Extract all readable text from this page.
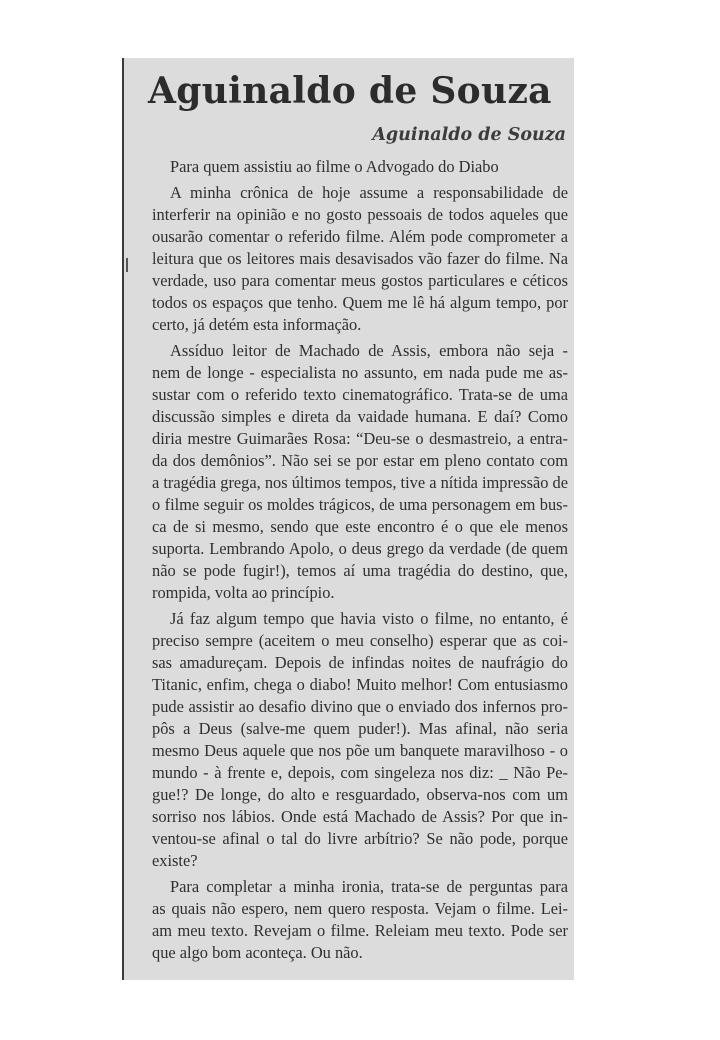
Aguinaldo de Souza
Aguinaldo de Souza
Para quem assistiu ao filme o Advogado do Diabo
A minha crônica de hoje assume a responsabilidade de
interferir na opinião e no gosto pessoais de todos aqueles que
ousarão comentar o referido filme. Além pode comprometer a
leitura que os leitores mais desavisados vão fazer do filme. Na
verdade, uso para comentar meus gostos particulares e céticos
todos os espaços que tenho. Quem me lê há algum tempo, por
certo, já detém esta informação.
Assíduo leitor de Machado de Assis, embora não seja -
nem de longe - especialista no assunto, em nada pude me as-
sustar com o referido texto cinematográfico. Trata-se de uma
discussão simples e direta da vaidade humana. E daí? Como
diria mestre Guimarães Rosa: “Deu-se o desmastreio, a entra-
da dos demônios”. Não sei se por estar em pleno contato com
a tragédia grega, nos últimos tempos, tive a nítida impressão de
o filme seguir os moldes trágicos, de uma personagem em bus-
ca de si mesmo, sendo que este encontro é o que ele menos
suporta. Lembrando Apolo, o deus grego da verdade (de quem
não se pode fugir!), temos aí uma tragédia do destino, que,
rompida, volta ao princípio.
Já faz algum tempo que havia visto o filme, no entanto, é
preciso sempre (aceitem o meu conselho) esperar que as coi-
sas amadureçam. Depois de infindas noites de naufrágio do
Titanic, enfim, chega o diabo! Muito melhor! Com entusiasmo
pude assistir ao desafio divino que o enviado dos infernos pro-
pôs a Deus (salve-me quem puder!). Mas afinal, não seria
mesmo Deus aquele que nos põe um banquete maravilhoso - o
mundo - à frente e, depois, com singeleza nos diz: _ Não Pe-
gue!? De longe, do alto e resguardado, observa-nos com um
sorriso nos lábios. Onde está Machado de Assis? Por que in-
ventou-se afinal o tal do livre arbítrio? Se não pode, porque
existe?
Para completar a minha ironia, trata-se de perguntas para
as quais não espero, nem quero resposta. Vejam o filme. Lei-
am meu texto. Revejam o filme. Releiam meu texto. Pode ser
que algo bom aconteça. Ou não.
